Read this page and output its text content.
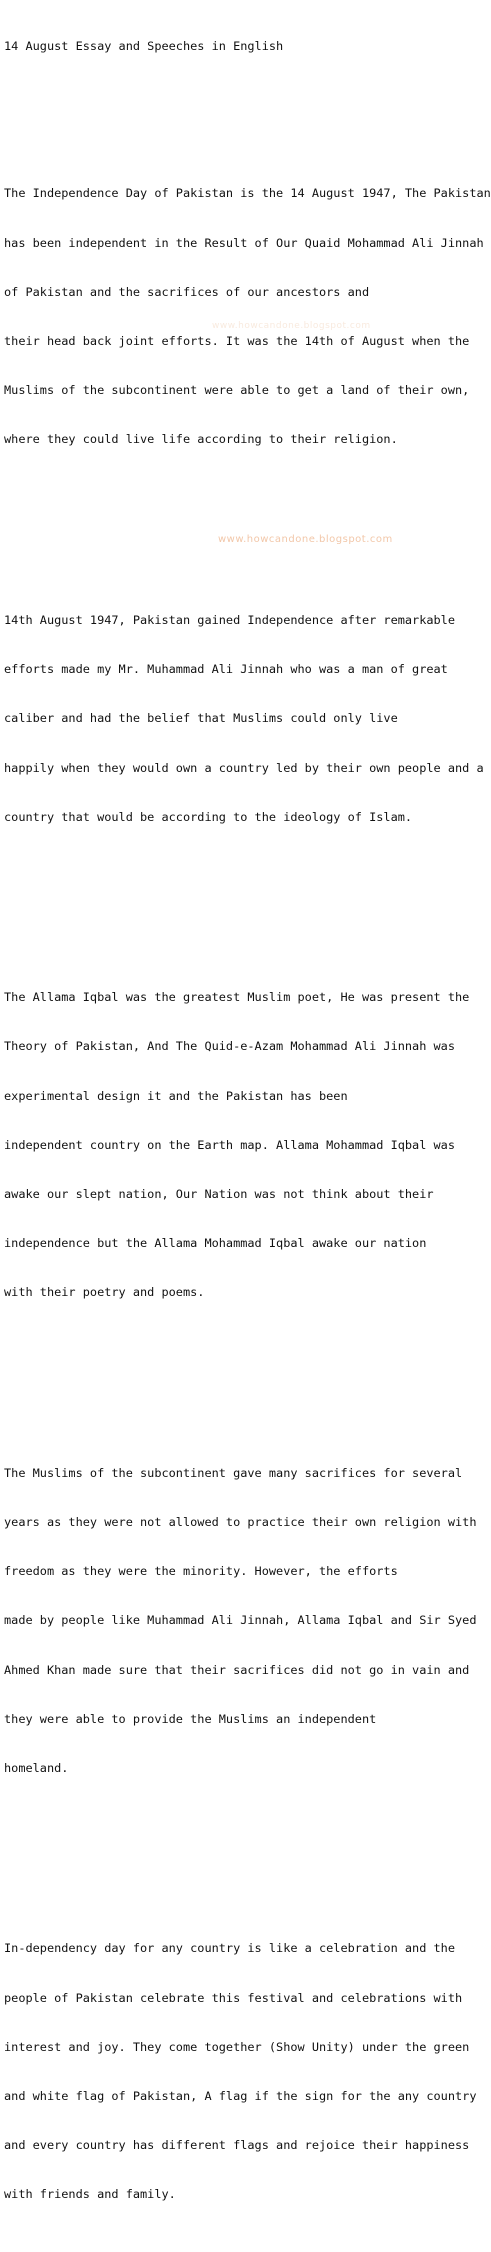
14 August Essay and Speeches in English

The Independence Day of Pakistan is the 14 August 1947, The Pakistan

has been independent in the Result of Our Quaid Mohammad Ali Jinnah

of Pakistan and the sacrifices of our ancestors and

their head back joint efforts. It was the 14th of August when the

Muslims of the subcontinent were able to get a land of their own,

where they could live life according to their religion.

14th August 1947, Pakistan gained Independence after remarkable

efforts made my Mr. Muhammad Ali Jinnah who was a man of great

caliber and had the belief that Muslims could only live

happily when they would own a country led by their own people and a

country that would be according to the ideology of Islam.

The Allama Iqbal was the greatest Muslim poet, He was present the

Theory of Pakistan, And The Quid-e-Azam Mohammad Ali Jinnah was

experimental design it and the Pakistan has been

independent country on the Earth map. Allama Mohammad Iqbal was

awake our slept nation, Our Nation was not think about their

independence but the Allama Mohammad Iqbal awake our nation

with their poetry and poems.

The Muslims of the subcontinent gave many sacrifices for several

years as they were not allowed to practice their own religion with

freedom as they were the minority. However, the efforts

made by people like Muhammad Ali Jinnah, Allama Iqbal and Sir Syed

Ahmed Khan made sure that their sacrifices did not go in vain and

they were able to provide the Muslims an independent

homeland.

In-dependency day for any country is like a celebration and the

people of Pakistan celebrate this festival and celebrations with

interest and joy. They come together (Show Unity) under the green

and white flag of Pakistan, A flag if the sign for the any country

and every country has different flags and rejoice their happiness

with friends and family.

www.howcandone.blogspot.com
www.howcandone.blogspot.com
